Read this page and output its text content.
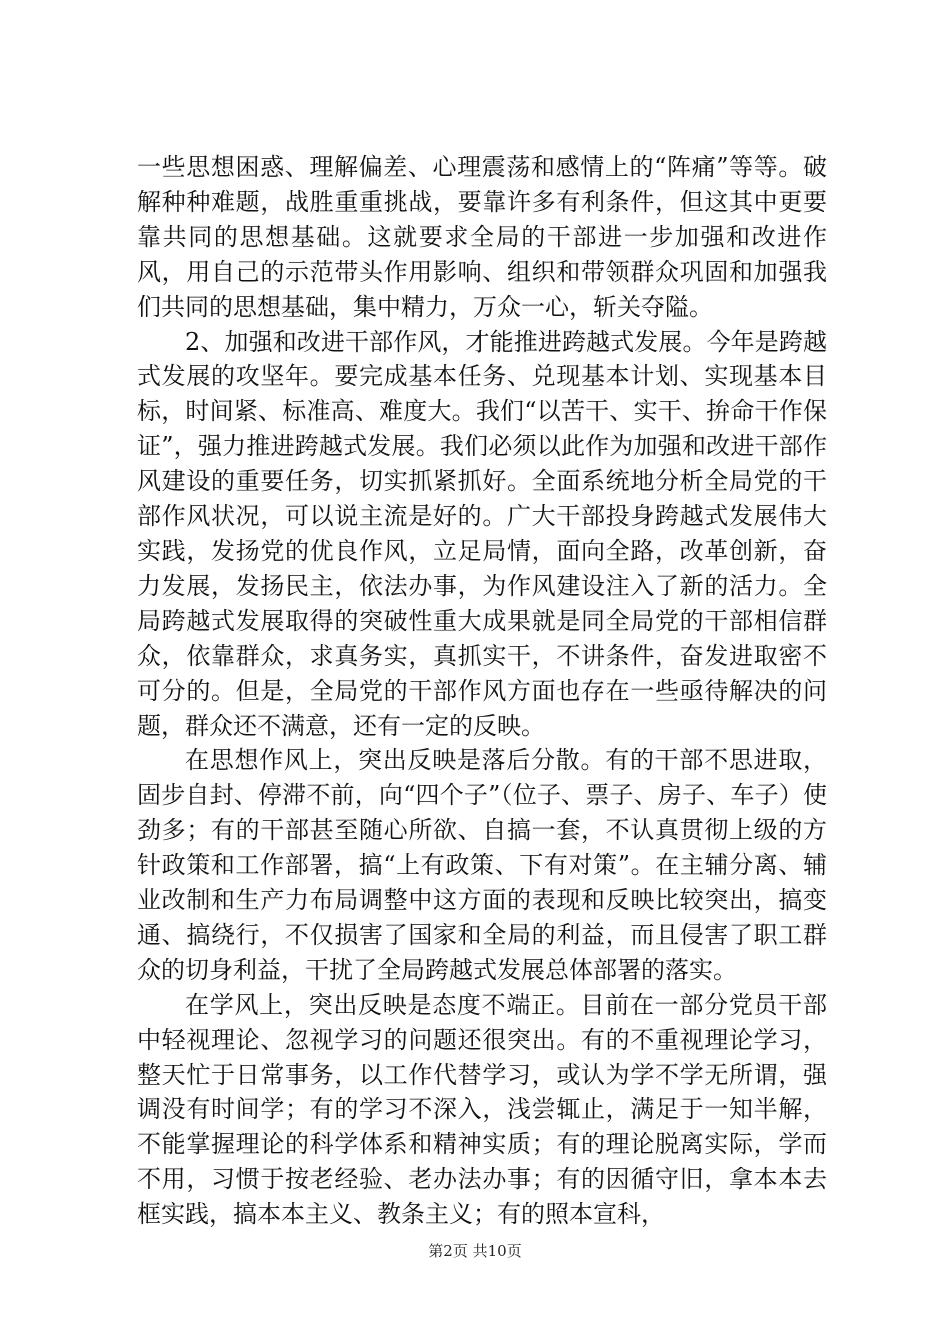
一些思想困惑、理解偏差、心理震荡和感情上的“阵痛”等等。破解种种难题，战胜重重挑战，要靠许多有利条件，但这其中更要靠共同的思想基础。这就要求全局的干部进一步加强和改进作风，用自己的示范带头作用影响、组织和带领群众巩固和加强我们共同的思想基础，集中精力，万众一心，斩关夺隘。

2、加强和改进干部作风，才能推进跨越式发展。今年是跨越式发展的攻坚年。要完成基本任务、兑现基本计划、实现基本目标，时间紧、标准高、难度大。我们“以苦干、实干、拚命干作保证”，强力推进跨越式发展。我们必须以此作为加强和改进干部作风建设的重要任务，切实抓紧抓好。全面系统地分析全局党的干部作风状况，可以说主流是好的。广大干部投身跨越式发展伟大实践，发扬党的优良作风，立足局情，面向全路，改革创新，奋力发展，发扬民主，依法办事，为作风建设注入了新的活力。全局跨越式发展取得的突破性重大成果就是同全局党的干部相信群众，依靠群众，求真务实，真抓实干，不讲条件，奋发进取密不可分的。但是，全局党的干部作风方面也存在一些亟待解决的问题，群众还不满意，还有一定的反映。

在思想作风上，突出反映是落后分散。有的干部不思进取，固步自封、停滞不前，向“四个子”（位子、票子、房子、车子）使劲多；有的干部甚至随心所欲、自搞一套，不认真贯彻上级的方针政策和工作部署，搞“上有政策、下有对策”。在主辅分离、辅业改制和生产力布局调整中这方面的表现和反映比较突出，搞变通、搞绕行，不仅损害了国家和全局的利益，而且侵害了职工群众的切身利益，干扰了全局跨越式发展总体部署的落实。

在学风上，突出反映是态度不端正。目前在一部分党员干部中轻视理论、忽视学习的问题还很突出。有的不重视理论学习，整天忙于日常事务，以工作代替学习，或认为学不学无所谓，强调没有时间学；有的学习不深入，浅尝辄止，满足于一知半解，不能掌握理论的科学体系和精神实质；有的理论脱离实际，学而不用，习惯于按老经验、老办法办事；有的因循守旧，拿本本去框实践，搞本本主义、教条主义；有的照本宣科，

第2页 共10页
